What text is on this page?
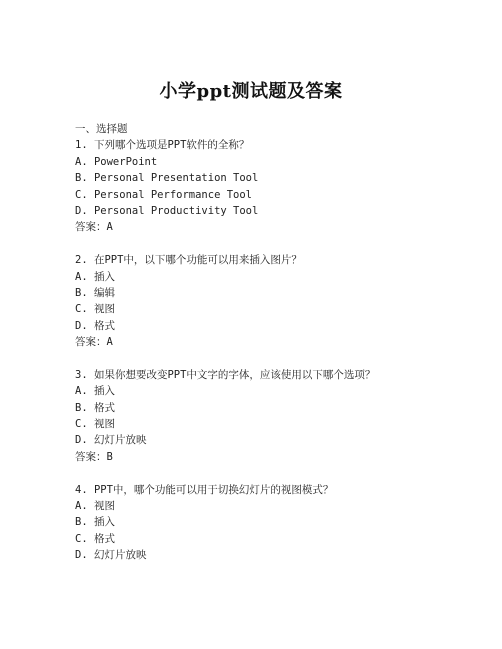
小学ppt测试题及答案
一、选择题
1. 下列哪个选项是PPT软件的全称？
A. PowerPoint
B. Personal Presentation Tool
C. Personal Performance Tool
D. Personal Productivity Tool
答案：A
2. 在PPT中，以下哪个功能可以用来插入图片？
A. 插入
B. 编辑
C. 视图
D. 格式
答案：A
3. 如果你想要改变PPT中文字的字体，应该使用以下哪个选项？
A. 插入
B. 格式
C. 视图
D. 幻灯片放映
答案：B
4. PPT中，哪个功能可以用于切换幻灯片的视图模式？
A. 视图
B. 插入
C. 格式
D. 幻灯片放映
